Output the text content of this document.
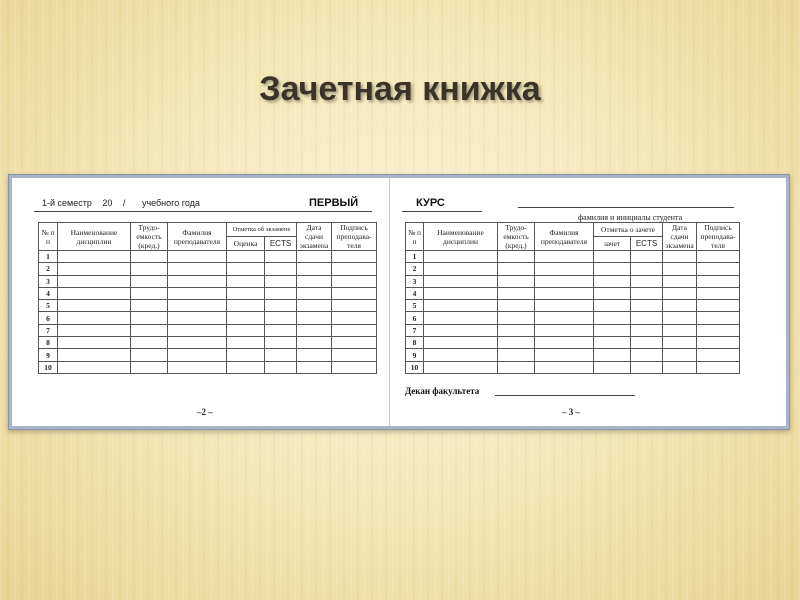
Зачетная книжка
1-й семестр 20 / учебного года	ПЕРВЫЙ	КУРС
фамилия и инициалы студента
№ п п	Наименование дисциплин	Трудо-емкость (кред.)	Фамилия преподавателя	Отметка об экзамене		Дата сдачи экзамена	Подпись преподава-теля
				Оценка	ECTS		
1							
2							
3							
4							
5							
6							
7							
8							
9							
10							
№ п п	Наименование дисциплин	Трудо-емкость (кред.)	Фамилия преподавателя	Отметка о зачете		Дата сдачи экзамена	Подпись преподава-теля
				зачет	ECTS		
1							
2							
3							
4							
5							
6							
7							
8							
9							
10							
–2 –
Декан факультета
– 3 –
